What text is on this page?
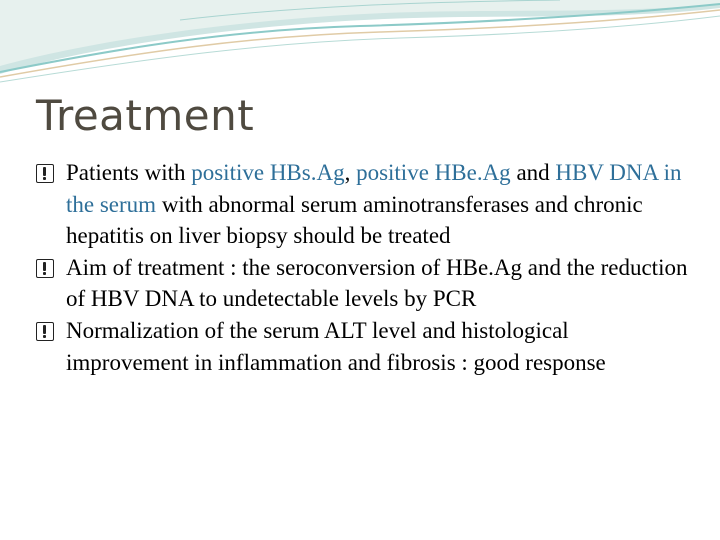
Treatment
Patients with positive HBs.Ag, positive HBe.Ag and HBV DNA in the serum with abnormal serum aminotransferases and chronic hepatitis on liver biopsy should be treated
Aim of treatment : the seroconversion of HBe.Ag and the reduction of HBV DNA to undetectable levels by PCR
Normalization of the serum ALT level and histological improvement in inflammation and fibrosis : good response
